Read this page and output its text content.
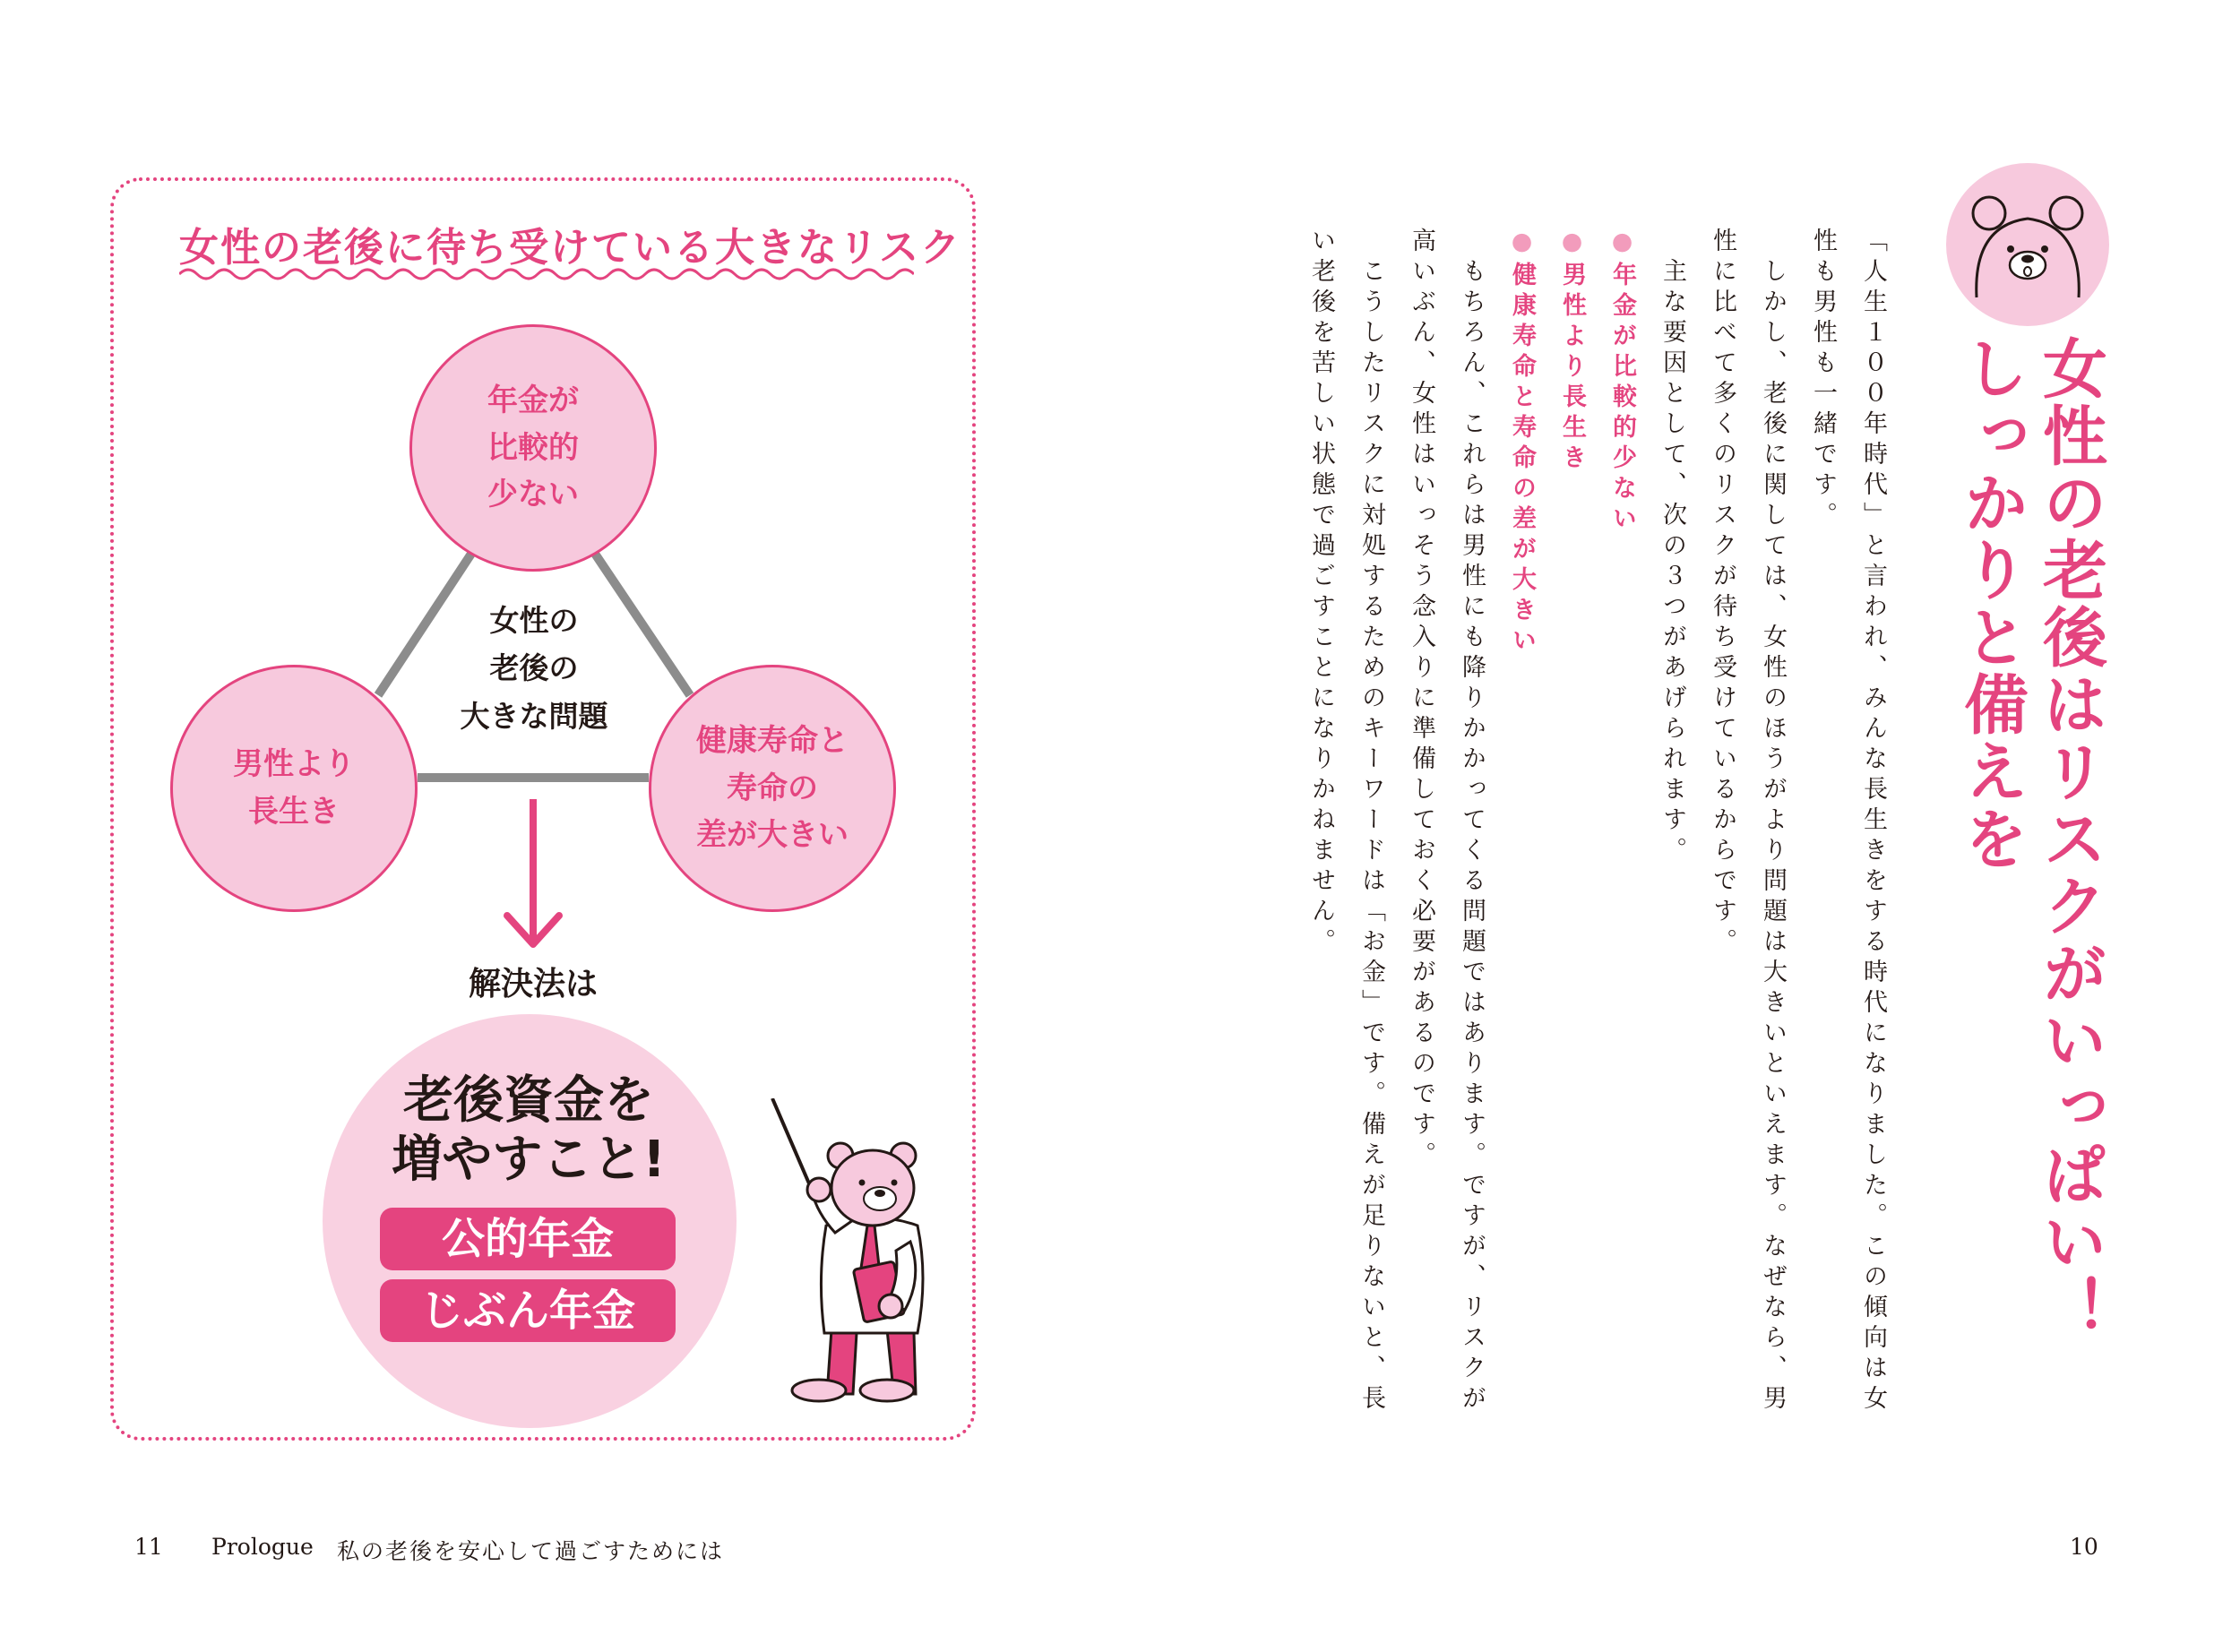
女性の老後に待ち受けている大きなリスク
年金が
比較的
少ない
男性より
長生き
健康寿命と
寿命の
差が大きい
女性の
老後の
大きな問題
解決法は
老後資金を
増やすこと!
公的年金
じぶん年金
11 Prologue 私の老後を安心して過ごすためには	10
女性の老後はリスクがいっぱい！
しっかりと備えを
「人生１００年時代」と言われ、みんな長生きをする時代になりました。この傾向は女性も男性も一緒です。
　しかし、老後に関しては、女性のほうがより問題は大きいといえます。なぜなら、男性に比べて多くのリスクが待ち受けているからです。
　主な要因として、次の３つがあげられます。
●年金が比較的少ない
●男性より長生き
●健康寿命と寿命の差が大きい
　もちろん、これらは男性にも降りかかってくる問題ではあります。ですが、リスクが高いぶん、女性はいっそう念入りに準備しておく必要があるのです。
　こうしたリスクに対処するためのキーワードは「お金」です。備えが足りないと、長い老後を苦しい状態で過ごすことになりかねません。
